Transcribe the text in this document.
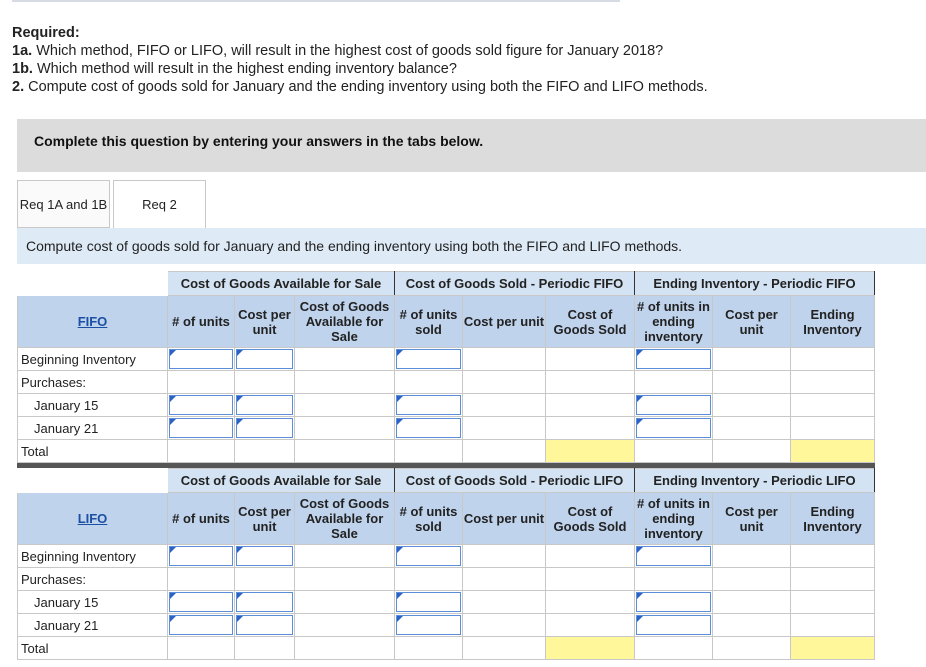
Required:
1a. Which method, FIFO or LIFO, will result in the highest cost of goods sold figure for January 2018?
1b. Which method will result in the highest ending inventory balance?
2. Compute cost of goods sold for January and the ending inventory using both the FIFO and LIFO methods.
Complete this question by entering your answers in the tabs below.
Req 1A and 1B	Req 2
Compute cost of goods sold for January and the ending inventory using both the FIFO and LIFO methods.
	Cost of Goods Available for Sale			Cost of Goods Sold - Periodic FIFO			Ending Inventory - Periodic FIFO		
FIFO	# of units	Cost per unit	Cost of Goods Available for Sale	# of units sold	Cost per unit	Cost of Goods Sold	# of units in ending inventory	Cost per unit	Ending Inventory
Beginning Inventory	

Purchases:									
January 15	

January 21	

Total									

	Cost of Goods Available for Sale			Cost of Goods Sold - Periodic LIFO			Ending Inventory - Periodic LIFO		
LIFO	# of units	Cost per unit	Cost of Goods Available for Sale	# of units sold	Cost per unit	Cost of Goods Sold	# of units in ending inventory	Cost per unit	Ending Inventory
Beginning Inventory	

Purchases:									
January 15	

January 21	

Total									
